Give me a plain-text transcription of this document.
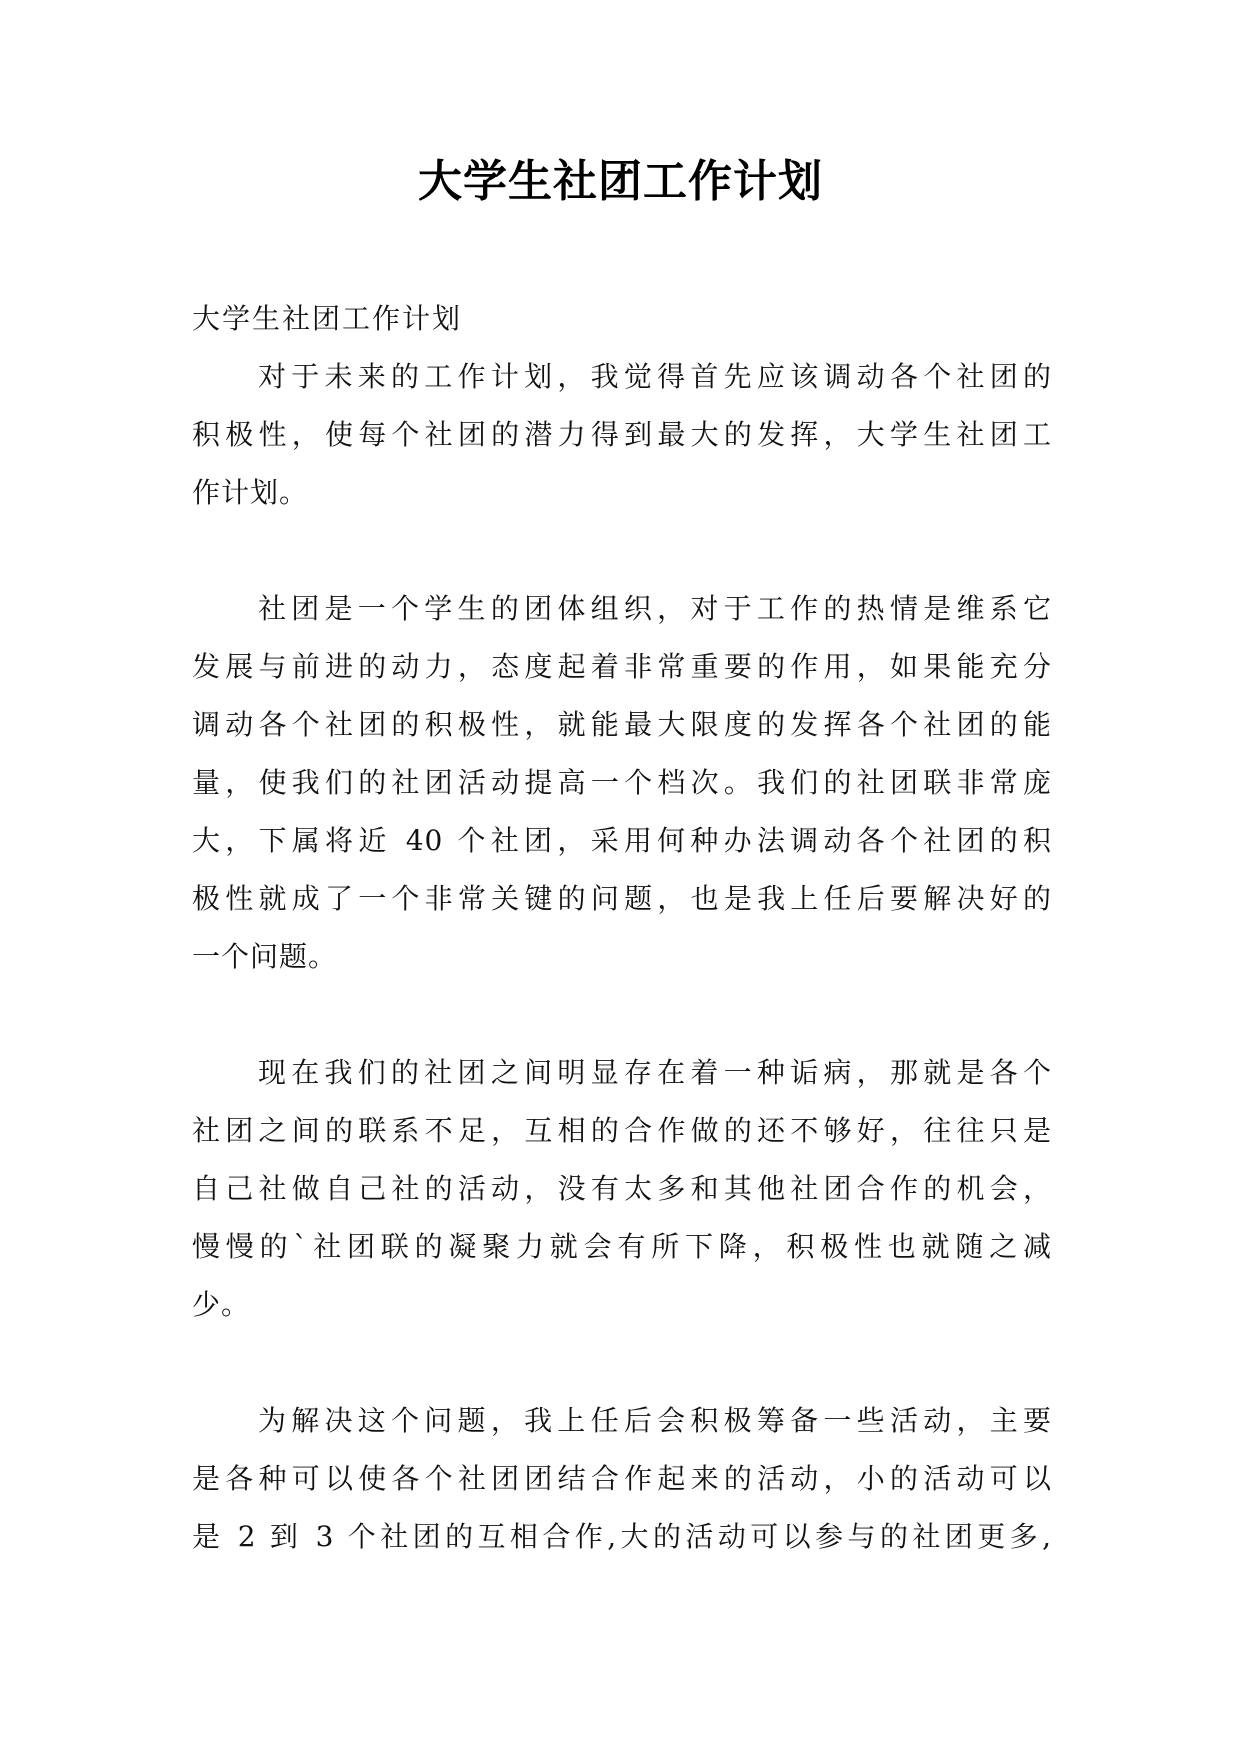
大学生社团工作计划
大学生社团工作计划
对于未来的工作计划，我觉得首先应该调动各个社团的
积极性，使每个社团的潜力得到最大的发挥，大学生社团工
作计划。
社团是一个学生的团体组织，对于工作的热情是维系它
发展与前进的动力，态度起着非常重要的作用，如果能充分
调动各个社团的积极性，就能最大限度的发挥各个社团的能
量，使我们的社团活动提高一个档次。我们的社团联非常庞
大，下属将近 40 个社团，采用何种办法调动各个社团的积
极性就成了一个非常关键的问题，也是我上任后要解决好的
一个问题。
现在我们的社团之间明显存在着一种诟病，那就是各个
社团之间的联系不足，互相的合作做的还不够好，往往只是
自己社做自己社的活动，没有太多和其他社团合作的机会，
慢慢的`社团联的凝聚力就会有所下降，积极性也就随之减
少。
为解决这个问题，我上任后会积极筹备一些活动，主要
是各种可以使各个社团团结合作起来的活动，小的活动可以
是 2 到 3 个社团的互相合作,大的活动可以参与的社团更多,
